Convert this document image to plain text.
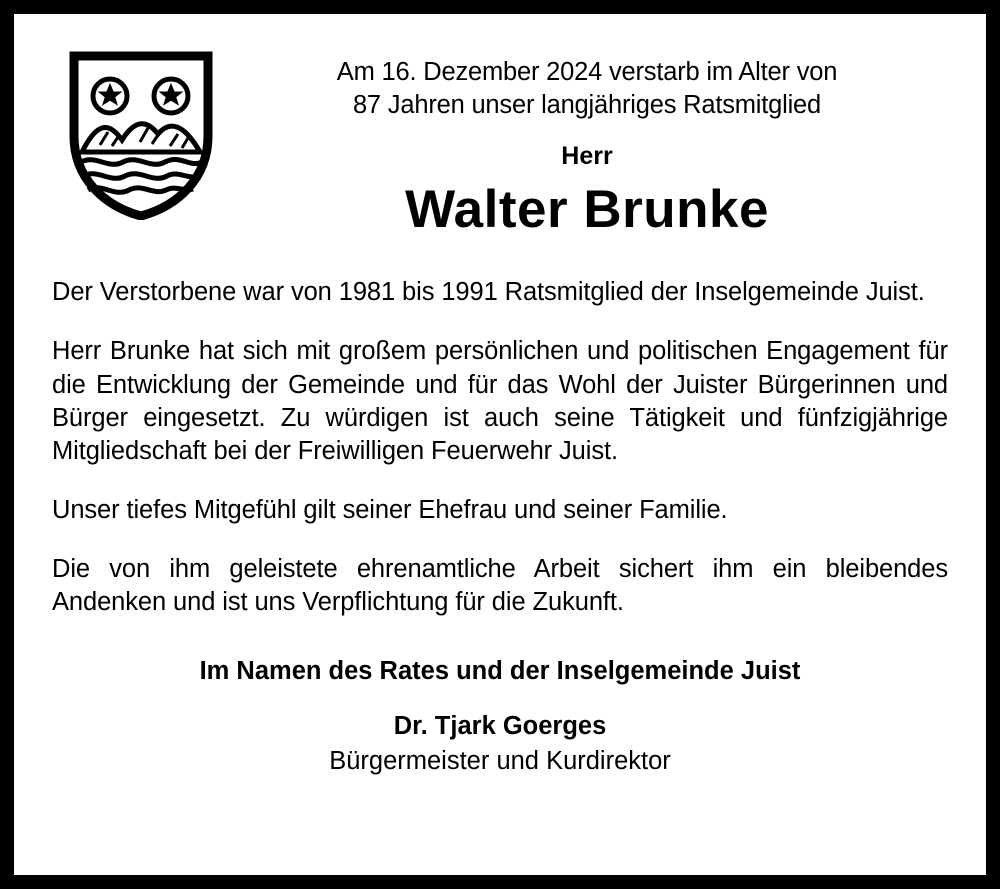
Am 16. Dezember 2024 verstarb im Alter von
87 Jahren unser langjähriges Ratsmitglied
Herr
Walter Brunke

Der Verstorbene war von 1981 bis 1991 Ratsmitglied der Inselgemeinde Juist.

Herr Brunke hat sich mit großem persönlichen und politischen Engagement für die Entwicklung der Gemeinde und für das Wohl der Juister Bürgerinnen und Bürger eingesetzt. Zu würdigen ist auch seine Tätigkeit und fünfzigjährige Mitgliedschaft bei der Freiwilligen Feuerwehr Juist.

Unser tiefes Mitgefühl gilt seiner Ehefrau und seiner Familie.

Die von ihm geleistete ehrenamtliche Arbeit sichert ihm ein bleibendes Andenken und ist uns Verpflichtung für die Zukunft.

Im Namen des Rates und der Inselgemeinde Juist
Dr. Tjark Goerges
Bürgermeister und Kurdirektor
